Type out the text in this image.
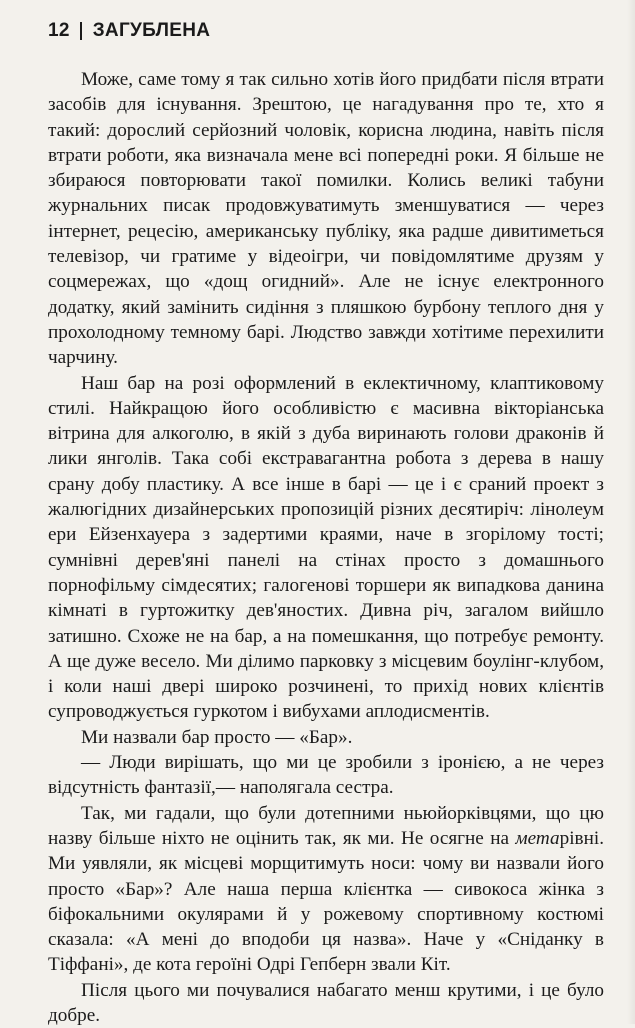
12 ЗАГУБЛЕНА

Може, саме тому я так сильно хотів його придбати після втрати засобів для існування. Зрештою, це нагадування про те, хто я такий: дорослий серйозний чоловік, корисна людина, навіть після втрати роботи, яка визначала мене всі попередні роки. Я більше не збираюся повторювати такої помилки. Колись великі табуни журнальних писак продовжуватимуть зменшуватися — через інтернет, рецесію, американську публіку, яка радше дивитиметься телевізор, чи гратиме у відеоігри, чи повідомлятиме друзям у соцмережах, що «дощ огидний». Але не існує електронного додатку, який замінить сидіння з пляшкою бурбону теплого дня у прохолодному темному барі. Людство завжди хотітиме перехилити чарчину.

Наш бар на розі оформлений в еклектичному, клаптиковому стилі. Найкращою його особливістю є масивна вікторіанська вітрина для алкоголю, в якій з дуба виринають голови драконів й лики янголів. Така собі екстравагантна робота з дерева в нашу срану добу пластику. А все інше в барі — це і є сраний проект з жалюгідних дизайнерських пропозицій різних десятиріч: лінолеум ери Ейзенхауера з задертими краями, наче в згорілому тості; сумнівні дерев'яні панелі на стінах просто з домашнього порнофільму сімдесятих; галогенові торшери як випадкова данина кімнаті в гуртожитку дев'яностих. Дивна річ, загалом вийшло затишно. Схоже не на бар, а на помешкання, що потребує ремонту. А ще дуже весело. Ми ділимо парковку з місцевим боулінг-клубом, і коли наші двері широко розчинені, то прихід нових клієнтів супроводжується гуркотом і вибухами аплодисментів.

Ми назвали бар просто — «Бар».

— Люди вирішать, що ми це зробили з іронією, а не через відсутність фантазії,— наполягала сестра.

Так, ми гадали, що були дотепними ньюйорківцями, що цю назву більше ніхто не оцінить так, як ми. Не осягне на метарівні. Ми уявляли, як місцеві морщитимуть носи: чому ви назвали його просто «Бар»? Але наша перша клієнтка — сивокоса жінка з біфокальними окулярами й у рожевому спортивному костюмі сказала: «А мені до вподоби ця назва». Наче у «Сніданку в Тіффані», де кота героїні Одрі Гепберн звали Кіт.

Після цього ми почувалися набагато менш крутими, і це було добре.
